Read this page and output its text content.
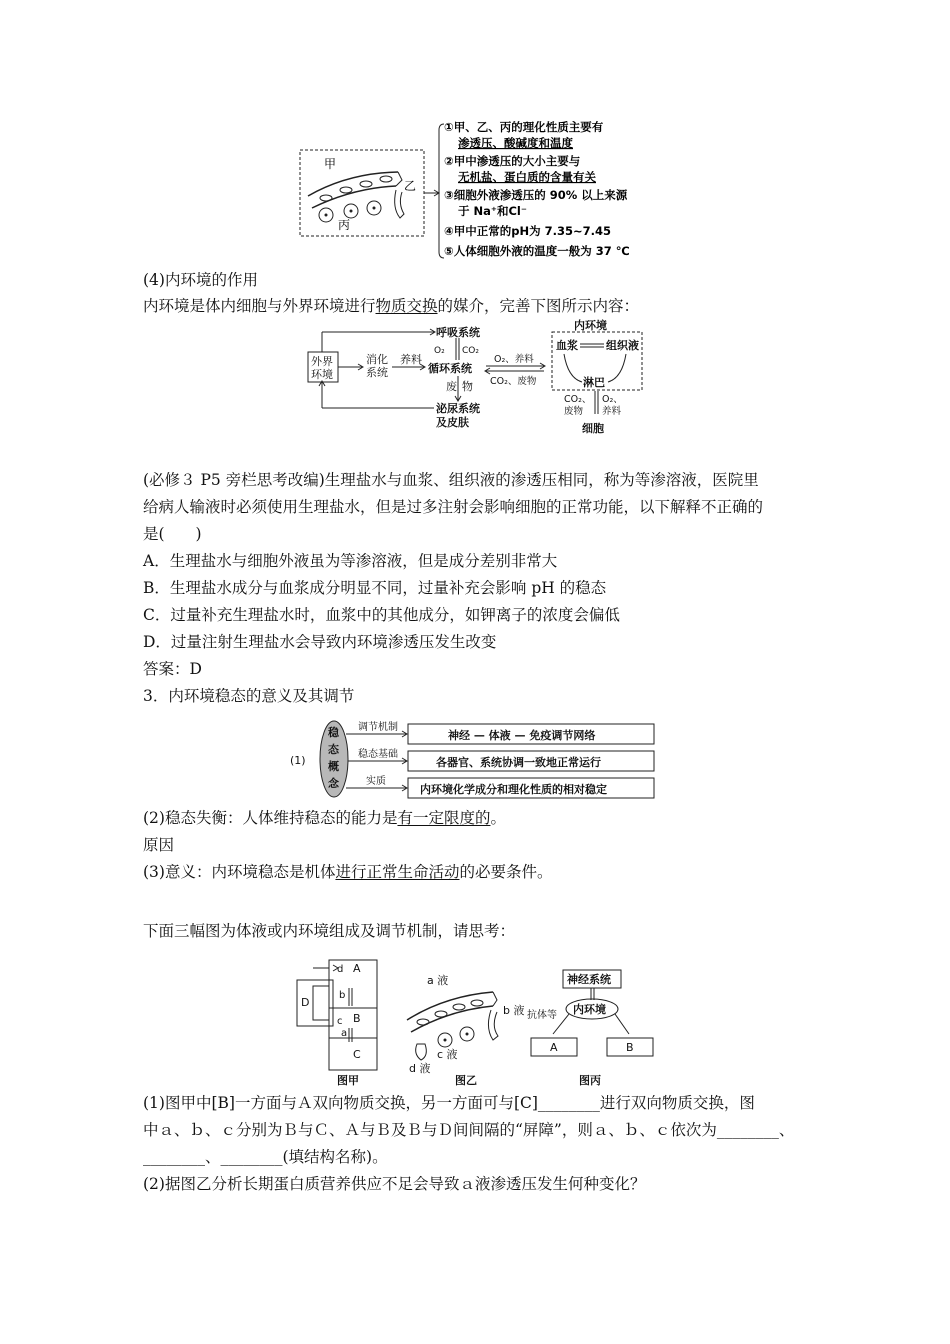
甲
乙
丙
①甲、乙、丙的理化性质主要有
渗透压、酸碱度和温度
②甲中渗透压的大小主要与
无机盐、蛋白质的含量有关
③细胞外液渗透压的 90% 以上来源
于 Na⁺和Cl⁻
④甲中正常的pH为 7.35~7.45
⑤人体细胞外液的温度一般为 37 ℃
(4)内环境的作用
内环境是体内细胞与外界环境进行物质交换的媒介，完善下图所示内容：
外界
环境
消化
系统
养料
呼吸系统
O₂ CO₂
循环系统
O₂、养料
CO₂、废物
废 物
泌尿系统
及皮肤
内环境
血浆	组织液
淋巴
CO₂、
废物
O₂、
养料
细胞
(必修３ P5 旁栏思考改编)生理盐水与血浆、组织液的渗透压相同，称为等渗溶液，医院里
给病人输液时必须使用生理盐水，但是过多注射会影响细胞的正常功能，以下解释不正确的
是(　　)
A．生理盐水与细胞外液虽为等渗溶液，但是成分差别非常大
B．生理盐水成分与血浆成分明显不同，过量补充会影响 pH 的稳态
C．过量补充生理盐水时，血浆中的其他成分，如钾离子的浓度会偏低
D．过量注射生理盐水会导致内环境渗透压发生改变
答案：D
3．内环境稳态的意义及其调节
(1)
稳
态
概
念
调节机制
稳态基础
实质
神经 — 体液 — 免疫调节网络
各器官、系统协调一致地正常运行
内环境化学成分和理化性质的相对稳定
(2)稳态失衡：人体维持稳态的能力是有一定限度的。
原因
(3)意义：内环境稳态是机体进行正常生命活动的必要条件。
下面三幅图为体液或内环境组成及调节机制，请思考：
A
B
C
D
d
b
c
a
图甲
a 液
b 液
c 液
d 液
图乙
神经系统
内环境
抗体等
A	B
图丙
(1)图甲中[B]一方面与Ａ双向物质交换，另一方面可与[C]________进行双向物质交换，图
中ａ、ｂ、ｃ分别为Ｂ与Ｃ、Ａ与Ｂ及Ｂ与Ｄ间间隔的“屏障”，则ａ、ｂ、ｃ依次为________、
________、________(填结构名称)。
(2)据图乙分析长期蛋白质营养供应不足会导致ａ液渗透压发生何种变化？
